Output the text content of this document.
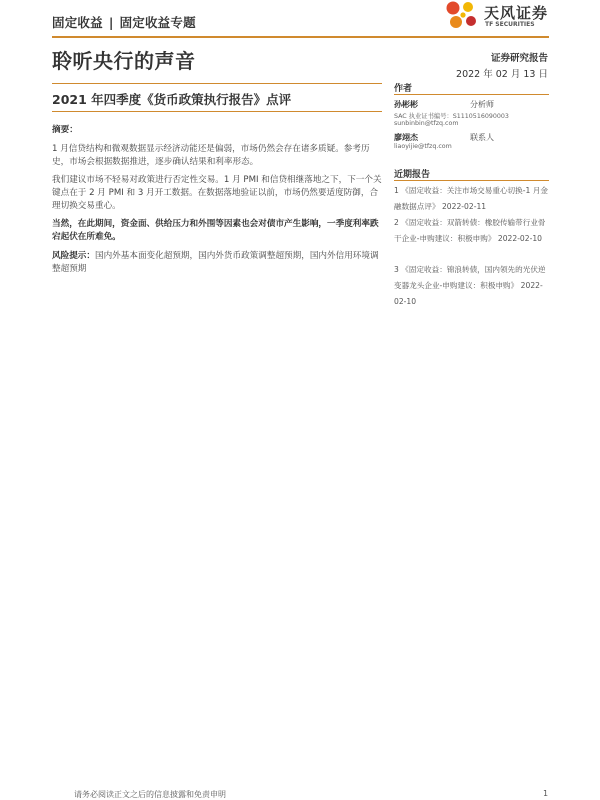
固定收益 | 固定收益专题
天风证券
TF SECURITIES
聆听央行的声音	证券研究报告
2022 年 02 月 13 日
2021 年四季度《货币政策执行报告》点评
摘要：
1 月信贷结构和微观数据显示经济动能还是偏弱，市场仍然会存在诸多质疑。参考历史，市场会根据数据推进，逐步确认结果和利率形态。
我们建议市场不轻易对政策进行否定性交易。1 月 PMI 和信贷相继落地之下，下一个关键点在于 2 月 PMI 和 3 月开工数据。在数据落地验证以前，市场仍然要适度防御，合理切换交易重心。
当然，在此期间，资金面、供给压力和外围等因素也会对债市产生影响，一季度利率跌宕起伏在所难免。
风险提示：国内外基本面变化超预期，国内外货币政策调整超预期，国内外信用环境调整超预期
作者
孙彬彬	分析师
SAC 执业证书编号：S1110516090003
sunbinbin@tfzq.com
廖翊杰	联系人
liaoyijie@tfzq.com
近期报告
1 《固定收益：关注市场交易重心切换-1 月金融数据点评》 2022-02-11
2 《固定收益：双箭转债：橡胶传输带行业骨干企业-申购建议：积极申购》 2022-02-10
3 《固定收益：锦浪转债，国内领先的光伏逆变器龙头企业-申购建议：积极申购》 2022-02-10
请务必阅读正文之后的信息披露和免责申明	1
